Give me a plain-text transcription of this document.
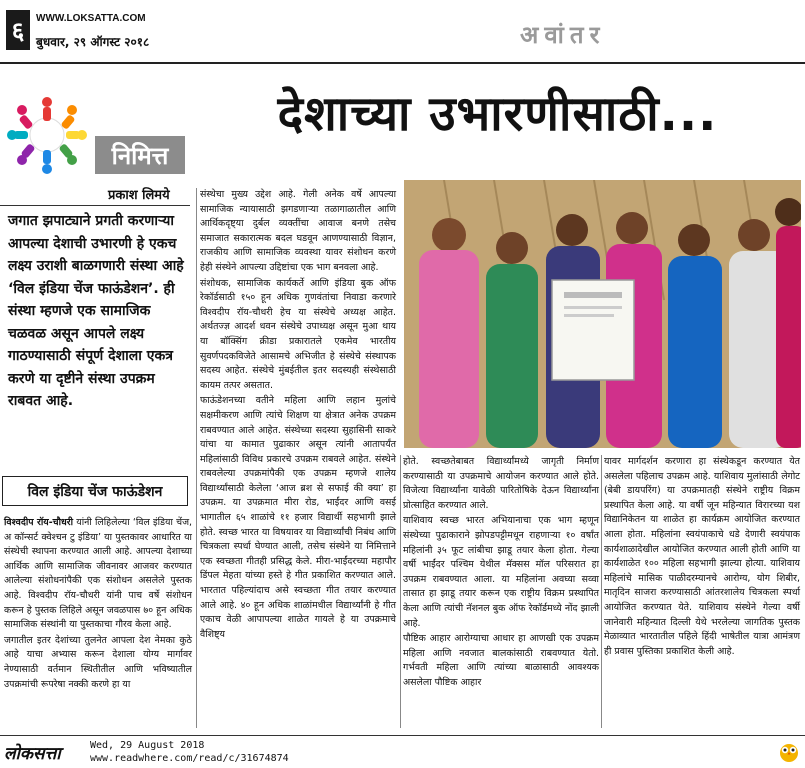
६	WWW.LOKSATTA.COM
बुधवार, २९ ऑगस्ट २०१८	अवांतर
देशाच्या उभारणीसाठी...
निमित्त
प्रकाश लिमये
जगात झपाट्याने प्रगती करणाऱ्या आपल्या देशाची उभारणी हे एकच लक्ष्य उराशी बाळगणारी संस्था आहे ‘विल इंडिया चेंज फाऊंडेशन’. ही संस्था म्हणजे एक सामाजिक चळवळ असून आपले लक्ष्य गाठण्यासाठी संपूर्ण देशाला एकत्र करणे या दृष्टीने संस्था उपक्रम राबवत आहे.
विल इंडिया चेंज फाऊंडेशन

विश्वदीप रॉय-चौधरी यांनी लिहिलेल्या ‘विल इंडिया चेंज, अ कॉन्सर्ट क्वेश्चन टु इंडिया’ या पुस्तकावर आधारित या संस्थेची स्थापना करण्यात आली आहे. आपल्या देशाच्या आर्थिक आणि सामाजिक जीवनावर आजवर करण्यात आलेल्या संशोधनांपैकी एक संशोधन असलेले पुस्तक आहे. विश्वदीप रॉय-चौधरी यांनी पाच वर्षे संशोधन करून हे पुस्तक लिहिले असून जवळपास ७० हून अधिक सामाजिक संस्थांनी या पुस्तकाचा गौरव केला आहे.

जगातील इतर देशांच्या तुलनेत आपला देश नेमका कुठे आहे याचा अभ्यास करून देशाला योग्य मार्गावर नेण्यासाठी वर्तमान स्थितीतील आणि भविष्यातील उपक्रमांची रूपरेषा नक्की करणे हा या

संस्थेचा मुख्य उद्देश आहे. गेली अनेक वर्षे आपल्या सामाजिक न्यायासाठी झगडणाऱ्या तळागाळातील आणि आर्थिकदृष्ट्या दुर्बल व्यक्तींचा आवाज बनणे तसेच समाजात सकारात्मक बदल घडवून आणण्यासाठी विज्ञान, राजकीय आणि सामाजिक व्यवस्था यावर संशोधन करणे हेही संस्थेने आपल्या उद्दिष्टांचा एक भाग बनवला आहे.

संशोधक, सामाजिक कार्यकर्ते आणि इंडिया बुक ऑफ रेकॉर्डसाठी १५० हून अधिक गुणवंतांचा निवाडा करणारे विश्वदीप रॉय-चौधरी हेच या संस्थेचे अध्यक्ष आहेत. अर्थतज्ज्ञ आदर्श धवन संस्थेचे उपाध्यक्ष असून मुआ थाय या बॉक्सिंग क्रीडा प्रकारातले एकमेव भारतीय सुवर्णपदकविजेते आसामचे अभिजीत हे संस्थेचे संस्थापक सदस्य आहेत. संस्थेचे मुंबईतील इतर सदस्यही संस्थेसाठी कायम तत्पर असतात.

फाऊंडेशनच्या वतीने महिला आणि लहान मुलांचे सक्षमीकरण आणि त्यांचे शिक्षण या क्षेत्रात अनेक उपक्रम राबवण्यात आले आहेत. संस्थेच्या सदस्या सुहासिनी साकरे यांचा या कामात पुढाकार असून त्यांनी आतापर्यंत महिलांसाठी विविध प्रकारचे उपक्रम राबवले आहेत. संस्थेने राबवलेल्या उपक्रमांपैकी एक उपक्रम म्हणजे शालेय विद्यार्थ्यांसाठी केलेला ‘आज ब्रश से सफाई की क्या’ हा उपक्रम. या उपक्रमात मीरा रोड, भाईंदर आणि वसई भागातील ६५ शाळांचे ११ हजार विद्यार्थी सहभागी झाले होते. स्वच्छ भारत या विषयावर या विद्यार्थ्यांची निबंध आणि चित्रकला स्पर्धा घेण्यात आली, तसेच संस्थेने या निमित्ताने एक स्वच्छता गीतही प्रसिद्ध केले. मीरा-भाईंदरच्या महापौर डिंपल मेहता यांच्या हस्ते हे गीत प्रकाशित करण्यात आले. भारतात पहिल्यांदाच असे स्वच्छता गीत तयार करण्यात आले आहे. ४० हून अधिक शाळांमधील विद्यार्थ्यांनी हे गीत एकाच वेळी आपापल्या शाळेत गायले हे या उपक्रमाचे वैशिष्ट्य

होते. स्वच्छतेबाबत विद्यार्थ्यांमध्ये जागृती निर्माण करण्यासाठी या उपक्रमाचे आयोजन करण्यात आले होते. विजेत्या विद्यार्थ्यांना यावेळी पारितोषिके देऊन विद्यार्थ्यांना प्रोत्साहित करण्यात आले.

याशिवाय स्वच्छ भारत अभियानाचा एक भाग म्हणून संस्थेच्या पुढाकाराने झोपडपट्टीमधून राहणाऱ्या १० वर्षांत महिलांनी ३५ फूट लांबीचा झाडू तयार केला होता. गेल्या वर्षी भाईंदर पश्चिम येथील मॅक्सस मॉल परिसरात हा उपक्रम राबवण्यात आला. या महिलांना अवघ्या सव्वा तासात हा झाडू तयार करून एक राष्ट्रीय विक्रम प्रस्थापित केला आणि त्यांची नॅशनल बुक ऑफ रेकॉर्डमध्ये नोंद झाली आहे.

पौष्टिक आहार आरोग्याचा आधार हा आणखी एक उपक्रम महिला आणि नवजात बालकांसाठी राबवण्यात येतो. गर्भवती महिला आणि त्यांच्या बाळासाठी आवश्यक असलेला पौष्टिक आहार

यावर मार्गदर्शन करणारा हा संस्थेकडून करण्यात येत असलेला पहिलाच उपक्रम आहे. याशिवाय मुलांसाठी लेगोट (बेबी डायपरिंग) या उपक्रमातही संस्थेने राष्ट्रीय विक्रम प्रस्थापित केला आहे. या वर्षी जून महिन्यात विरारच्या यश विद्यानिकेतन या शाळेत हा कार्यक्रम आयोजित करण्यात आला होता. महिलांना स्वयंपाकाचे धडे देणारी स्वयंपाक कार्यशाळादेखील आयोजित करण्यात आली होती आणि या कार्यशाळेत १०० महिला सहभागी झाल्या होत्या. याशिवाय महिलांचे मासिक पाळीदरम्यानचे आरोग्य, योग शिबीर, मातृदिन साजरा करण्यासाठी आंतरशालेय चित्रकला स्पर्धा आयोजित करण्यात येते. याशिवाय संस्थेने गेल्या वर्षी जानेवारी महिन्यात दिल्ली येथे भरलेल्या जागतिक पुस्तक मेळाव्यात भारतातील पहिले हिंदी भाषेतील यात्रा आमंत्रण ही प्रवास पुस्तिका प्रकाशित केली आहे.

लोकसत्ता	Wed, 29 August 2018
www.readwhere.com/read/c/31674874
